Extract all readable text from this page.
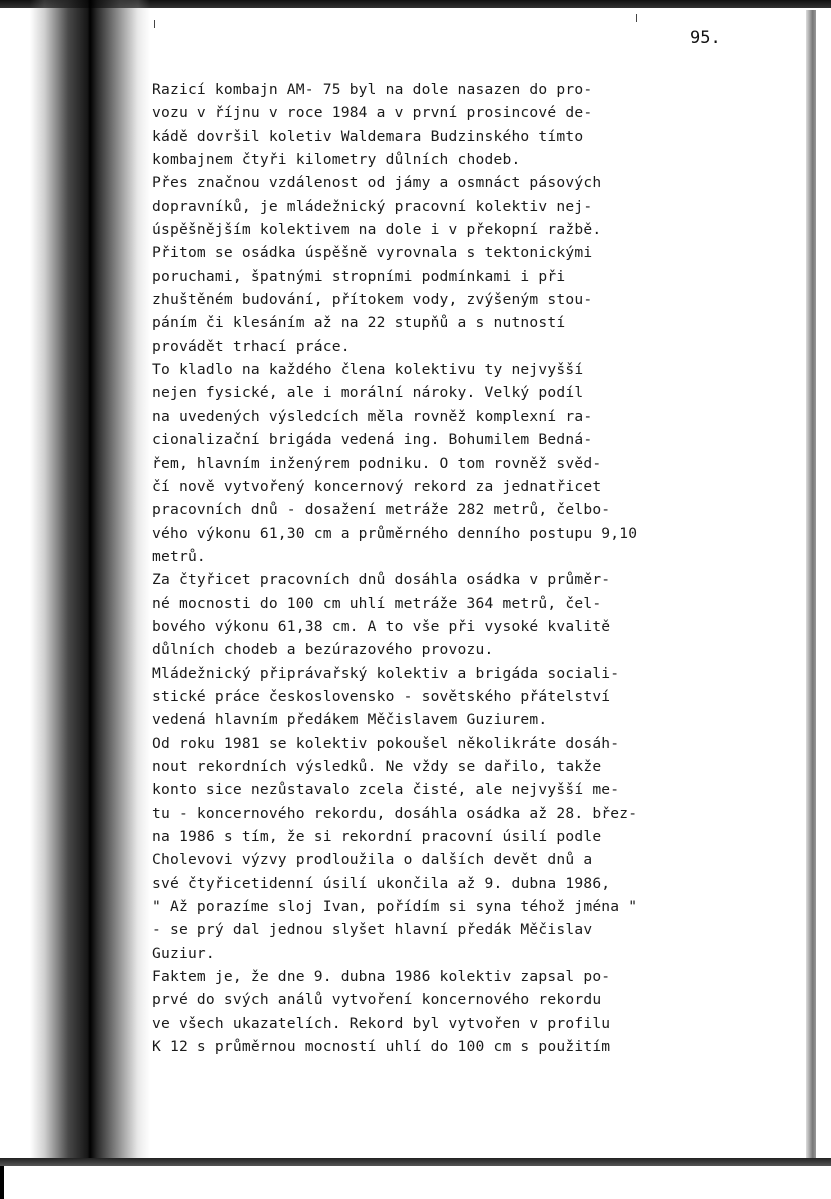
95.
Razicí kombajn AM- 75 byl na dole nasazen do pro-
vozu v říjnu v roce 1984 a v první prosincové de-
kádě dovršil koletiv Waldemara Budzinského tímto
kombajnem čtyři kilometry důlních chodeb.
Přes značnou vzdálenost od jámy a osmnáct pásových
dopravníků, je mládežnický pracovní kolektiv nej-
úspěšnějším kolektivem na dole i v překopní ražbě.
Přitom se osádka úspěšně vyrovnala s tektonickými
poruchami, špatnými stropními podmínkami i při
zhuštěném budování, přítokem vody, zvýšeným stou-
páním či klesáním až na 22 stupňů a s nutností
provádět trhací práce.
To kladlo na každého člena kolektivu ty nejvyšší
nejen fysické, ale i morální nároky. Velký podíl
na uvedených výsledcích měla rovněž komplexní ra-
cionalizační brigáda vedená ing. Bohumilem Bedná-
řem, hlavním inženýrem podniku. O tom rovněž svěd-
čí nově vytvořený koncernový rekord za jednatřicet
pracovních dnů - dosažení metráže 282 metrů, čelbo-
vého výkonu 61,30 cm a průměrného denního postupu 9,10
metrů.
Za čtyřicet pracovních dnů dosáhla osádka v průměr-
né mocnosti do 100 cm uhlí metráže 364 metrů, čel-
bového výkonu 61,38 cm. A to vše při vysoké kvalitě
důlních chodeb a bezúrazového provozu.
Mládežnický připrávařský kolektiv a brigáda sociali-
stické práce československo - sovětského přátelství
vedená hlavním předákem Měčislavem Guziurem.
Od roku 1981 se kolektiv pokoušel několikráte dosáh-
nout rekordních výsledků. Ne vždy se dařilo, takže
konto sice nezůstavalo zcela čisté, ale nejvyšší me-
tu - koncernového rekordu, dosáhla osádka až 28. břez-
na 1986 s tím, že si rekordní pracovní úsilí podle
Cholevovi výzvy prodloužila o dalších devět dnů a
své čtyřicetidenní úsilí ukončila až 9. dubna 1986,
" Až porazíme sloj Ivan, pořídím si syna téhož jména "
- se prý dal jednou slyšet hlavní předák Měčislav
Guziur.
Faktem je, že dne 9. dubna 1986 kolektiv zapsal po-
prvé do svých análů vytvoření koncernového rekordu
ve všech ukazatelích. Rekord byl vytvořen v profilu
K 12 s průměrnou mocností uhlí do 100 cm s použitím
